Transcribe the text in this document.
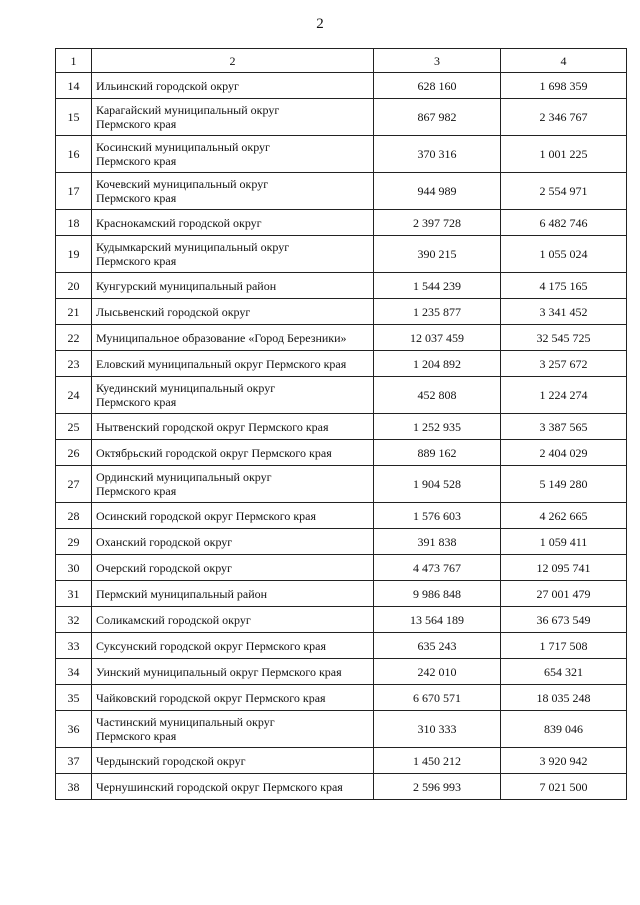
2
1	2	3	4
14	Ильинский городской округ	628 160	1 698 359
15	Карагайский муниципальный округ
Пермского края	867 982	2 346 767
16	Косинский муниципальный округ
Пермского края	370 316	1 001 225
17	Кочевский муниципальный округ
Пермского края	944 989	2 554 971
18	Краснокамский городской округ	2 397 728	6 482 746
19	Кудымкарский муниципальный округ
Пермского края	390 215	1 055 024
20	Кунгурский муниципальный район	1 544 239	4 175 165
21	Лысьвенский городской округ	1 235 877	3 341 452
22	Муниципальное образование «Город Березники»	12 037 459	32 545 725
23	Еловский муниципальный округ Пермского края	1 204 892	3 257 672
24	Куединский муниципальный округ
Пермского края	452 808	1 224 274
25	Нытвенский городской округ Пермского края	1 252 935	3 387 565
26	Октябрьский городской округ Пермского края	889 162	2 404 029
27	Ординский муниципальный округ
Пермского края	1 904 528	5 149 280
28	Осинский городской округ Пермского края	1 576 603	4 262 665
29	Оханский городской округ	391 838	1 059 411
30	Очерский городской округ	4 473 767	12 095 741
31	Пермский муниципальный район	9 986 848	27 001 479
32	Соликамский городской округ	13 564 189	36 673 549
33	Суксунский городской округ Пермского края	635 243	1 717 508
34	Уинский муниципальный округ Пермского края	242 010	654 321
35	Чайковский городской округ Пермского края	6 670 571	18 035 248
36	Частинский муниципальный округ
Пермского края	310 333	839 046
37	Чердынский городской округ	1 450 212	3 920 942
38	Чернушинский городской округ Пермского края	2 596 993	7 021 500
